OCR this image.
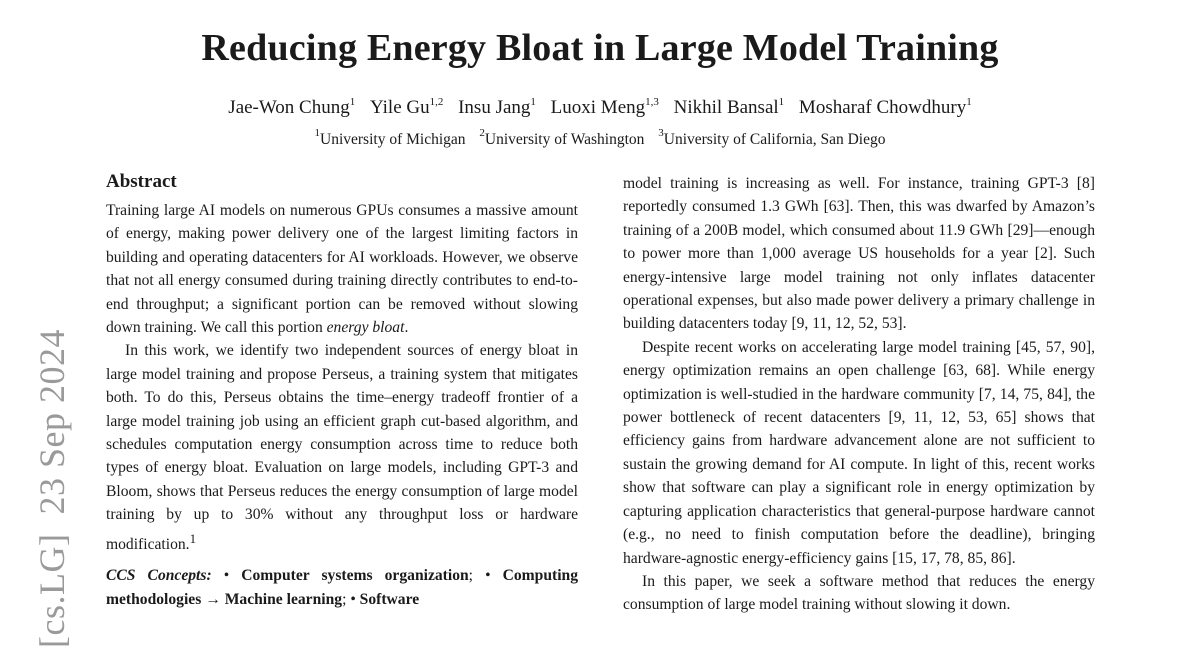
Reducing Energy Bloat in Large Model Training
Jae-Won Chung$^1$ Yile Gu$^{1,2}$ Insu Jang$^1$ Luoxi Meng$^{1,3}$ Nikhil Bansal$^1$ Mosharaf Chowdhury$^1$
$^1$University of Michigan $^2$University of Washington $^3$University of California, San Diego
[cs.LG]  23 Sep 2024
Abstract

Training large AI models on numerous GPUs consumes a massive amount of energy, making power delivery one of the largest limiting factors in building and operating datacenters for AI workloads. However, we observe that not all energy consumed during training directly contributes to end-to-end throughput; a significant portion can be removed without slowing down training. We call this portion energy bloat.

In this work, we identify two independent sources of energy bloat in large model training and propose Perseus, a training system that mitigates both. To do this, Perseus obtains the time–energy tradeoff frontier of a large model training job using an efficient graph cut-based algorithm, and schedules computation energy consumption across time to reduce both types of energy bloat. Evaluation on large models, including GPT-3 and Bloom, shows that Perseus reduces the energy consumption of large model training by up to 30% without any throughput loss or hardware modification.$^1$

CCS Concepts: • Computer systems organization; • Computing methodologies → Machine learning; • Software

model training is increasing as well. For instance, training GPT-3 [8] reportedly consumed 1.3 GWh [63]. Then, this was dwarfed by Amazon’s training of a 200B model, which consumed about 11.9 GWh [29]—enough to power more than 1,000 average US households for a year [2]. Such energy-intensive large model training not only inflates datacenter operational expenses, but also made power delivery a primary challenge in building datacenters today [9, 11, 12, 52, 53].

Despite recent works on accelerating large model training [45, 57, 90], energy optimization remains an open challenge [63, 68]. While energy optimization is well-studied in the hardware community [7, 14, 75, 84], the power bottleneck of recent datacenters [9, 11, 12, 53, 65] shows that efficiency gains from hardware advancement alone are not sufficient to sustain the growing demand for AI compute. In light of this, recent works show that software can play a significant role in energy optimization by capturing application characteristics that general-purpose hardware cannot (e.g., no need to finish computation before the deadline), bringing hardware-agnostic energy-efficiency gains [15, 17, 78, 85, 86].

In this paper, we seek a software method that reduces the energy consumption of large model training without slowing it down.
